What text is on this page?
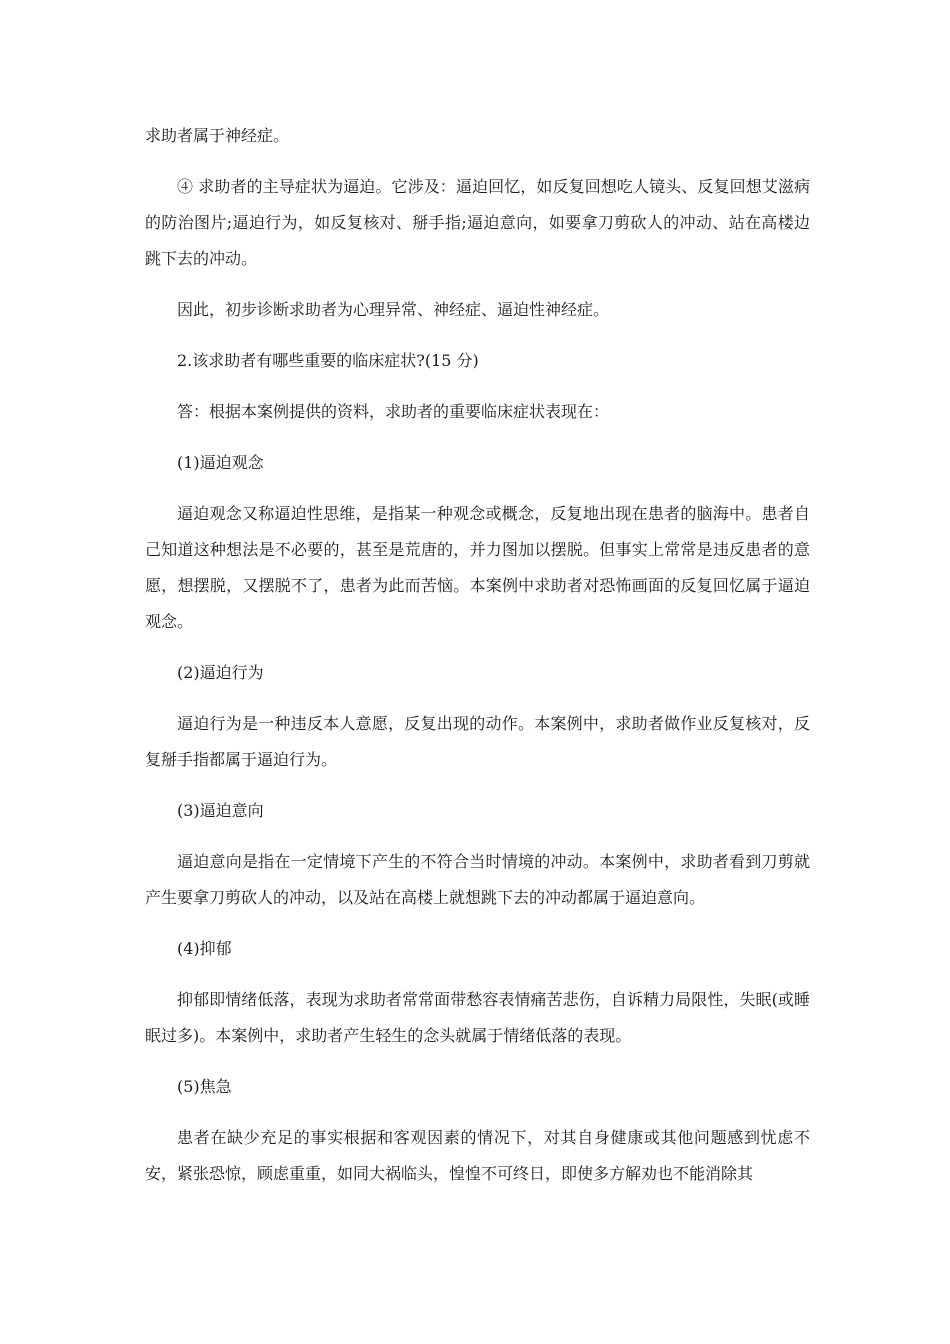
求助者属于神经症。

④ 求助者的主导症状为逼迫。它涉及：逼迫回忆，如反复回想吃人镜头、反复回想艾滋病的防治图片;逼迫行为，如反复核对、掰手指;逼迫意向，如要拿刀剪砍人的冲动、站在高楼边跳下去的冲动。

因此，初步诊断求助者为心理异常、神经症、逼迫性神经症。

2.该求助者有哪些重要的临床症状?(15 分)

答：根据本案例提供的资料，求助者的重要临床症状表现在：

(1)逼迫观念

逼迫观念又称逼迫性思维，是指某一种观念或概念，反复地出现在患者的脑海中。患者自己知道这种想法是不必要的，甚至是荒唐的，并力图加以摆脱。但事实上常常是违反患者的意愿，想摆脱，又摆脱不了，患者为此而苦恼。本案例中求助者对恐怖画面的反复回忆属于逼迫观念。

(2)逼迫行为

逼迫行为是一种违反本人意愿，反复出现的动作。本案例中，求助者做作业反复核对，反复掰手指都属于逼迫行为。

(3)逼迫意向

逼迫意向是指在一定情境下产生的不符合当时情境的冲动。本案例中，求助者看到刀剪就产生要拿刀剪砍人的冲动，以及站在高楼上就想跳下去的冲动都属于逼迫意向。

(4)抑郁

抑郁即情绪低落，表现为求助者常常面带愁容表情痛苦悲伤，自诉精力局限性，失眠(或睡眠过多)。本案例中，求助者产生轻生的念头就属于情绪低落的表现。

(5)焦急

患者在缺少充足的事实根据和客观因素的情况下，对其自身健康或其他问题感到忧虑不安，紧张恐惊，顾虑重重，如同大祸临头，惶惶不可终日，即使多方解劝也不能消除其
